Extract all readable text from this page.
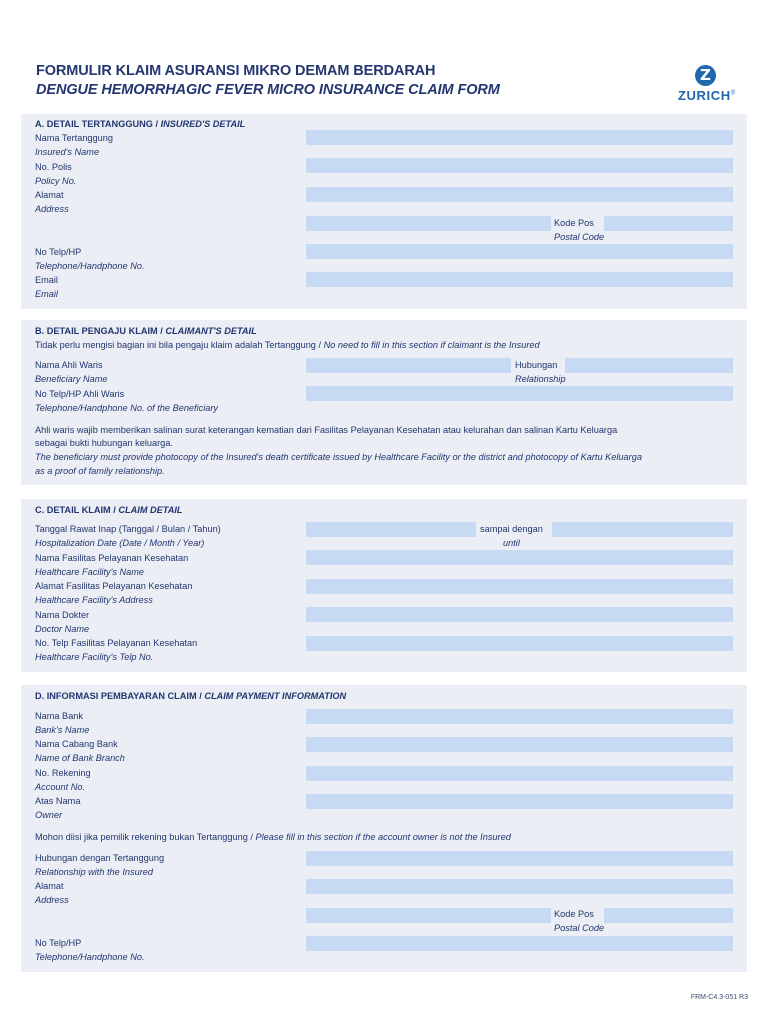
FORMULIR KLAIM ASURANSI MIKRO DEMAM BERDARAH
DENGUE HEMORRHAGIC FEVER MICRO INSURANCE CLAIM FORM
Z
ZURICH®
A. DETAIL TERTANGGUNG / INSURED'S DETAIL
Nama Tertanggung
Insured's Name
No. Polis
Policy No.
Alamat
Address
Kode Pos
Postal Code
No Telp/HP
Telephone/Handphone No.
Email
Email
B. DETAIL PENGAJU KLAIM / CLAIMANT'S DETAIL
Tidak perlu mengisi bagian ini bila pengaju klaim adalah Tertanggung / No need to fill in this section if claimant is the Insured
Nama Ahli Waris
Beneficiary Name
Hubungan
Relationship
No Telp/HP Ahli Waris
Telephone/Handphone No. of the Beneficiary
Ahli waris wajib memberikan salinan surat keterangan kematian dari Fasilitas Pelayanan Kesehatan atau kelurahan dan salinan Kartu Keluarga
sebagai bukti hubungan keluarga.
The beneficiary must provide photocopy of the Insured's death certificate issued by Healthcare Facility or the district and photocopy of Kartu Keluarga
as a proof of family relationship.
C. DETAIL KLAIM / CLAIM DETAIL
Tanggal Rawat Inap (Tanggal / Bulan / Tahun)
Hospitalization Date (Date / Month / Year)
sampai dengan
until
Nama Fasilitas Pelayanan Kesehatan
Healthcare Facility's Name
Alamat Fasilitas Pelayanan Kesehatan
Healthcare Facility's Address
Nama Dokter
Doctor Name
No. Telp Fasilitas Pelayanan Kesehatan
Healthcare Facility's Telp No.
D. INFORMASI PEMBAYARAN CLAIM / CLAIM PAYMENT INFORMATION
Nama Bank
Bank's Name
Nama Cabang Bank
Name of Bank Branch
No. Rekening
Account No.
Atas Nama
Owner
Mohon diisi jika pemilik rekening bukan Tertanggung / Please fill in this section if the account owner is not the Insured
Hubungan dengan Tertanggung
Relationship with the Insured
Alamat
Address
Kode Pos
Postal Code
No Telp/HP
Telephone/Handphone No.
FRM-C4.3-051 R3
